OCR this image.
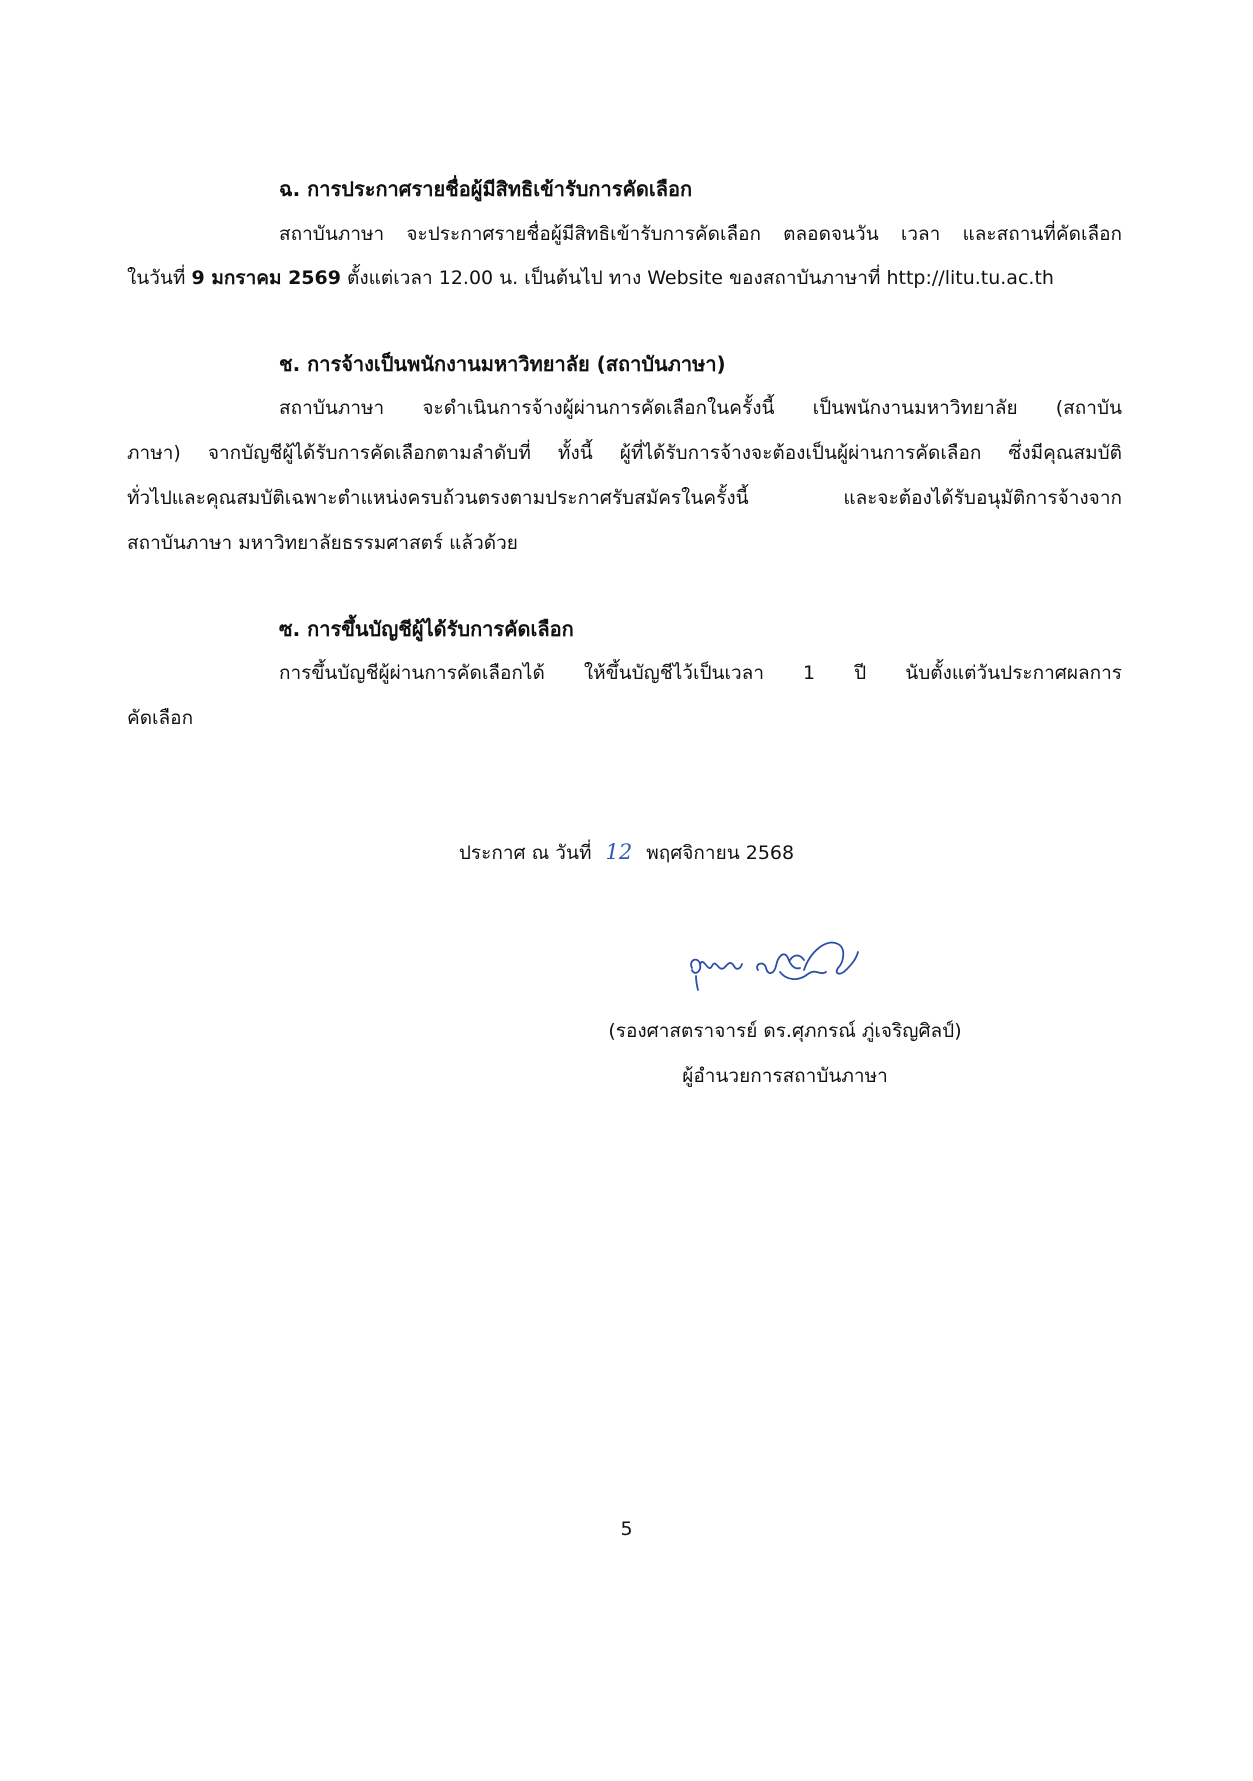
ฉ. การประกาศรายชื่อผู้มีสิทธิเข้ารับการคัดเลือก
สถาบันภาษา จะประกาศรายชื่อผู้มีสิทธิเข้ารับการคัดเลือก ตลอดจนวัน เวลา และสถานที่คัดเลือก
ในวันที่ 9 มกราคม 2569 ตั้งแต่เวลา 12.00 น. เป็นต้นไป ทาง Website ของสถาบันภาษาที่ http://litu.tu.ac.th
ช. การจ้างเป็นพนักงานมหาวิทยาลัย (สถาบันภาษา)
สถาบันภาษา จะดำเนินการจ้างผู้ผ่านการคัดเลือกในครั้งนี้ เป็นพนักงานมหาวิทยาลัย (สถาบัน
ภาษา) จากบัญชีผู้ได้รับการคัดเลือกตามลำดับที่ ทั้งนี้ ผู้ที่ได้รับการจ้างจะต้องเป็นผู้ผ่านการคัดเลือก ซึ่งมีคุณสมบัติ
ทั่วไปและคุณสมบัติเฉพาะตำแหน่งครบถ้วนตรงตามประกาศรับสมัครในครั้งนี้ และจะต้องได้รับอนุมัติการจ้างจาก
สถาบันภาษา มหาวิทยาลัยธรรมศาสตร์ แล้วด้วย
ซ. การขึ้นบัญชีผู้ได้รับการคัดเลือก
การขึ้นบัญชีผู้ผ่านการคัดเลือกได้ ให้ขึ้นบัญชีไว้เป็นเวลา 1 ปี นับตั้งแต่วันประกาศผลการ
คัดเลือก
ประกาศ ณ วันที่ 12 พฤศจิกายน 2568
(รองศาสตราจารย์ ดร.ศุภกรณ์ ภู่เจริญศิลป์)
ผู้อำนวยการสถาบันภาษา
5
